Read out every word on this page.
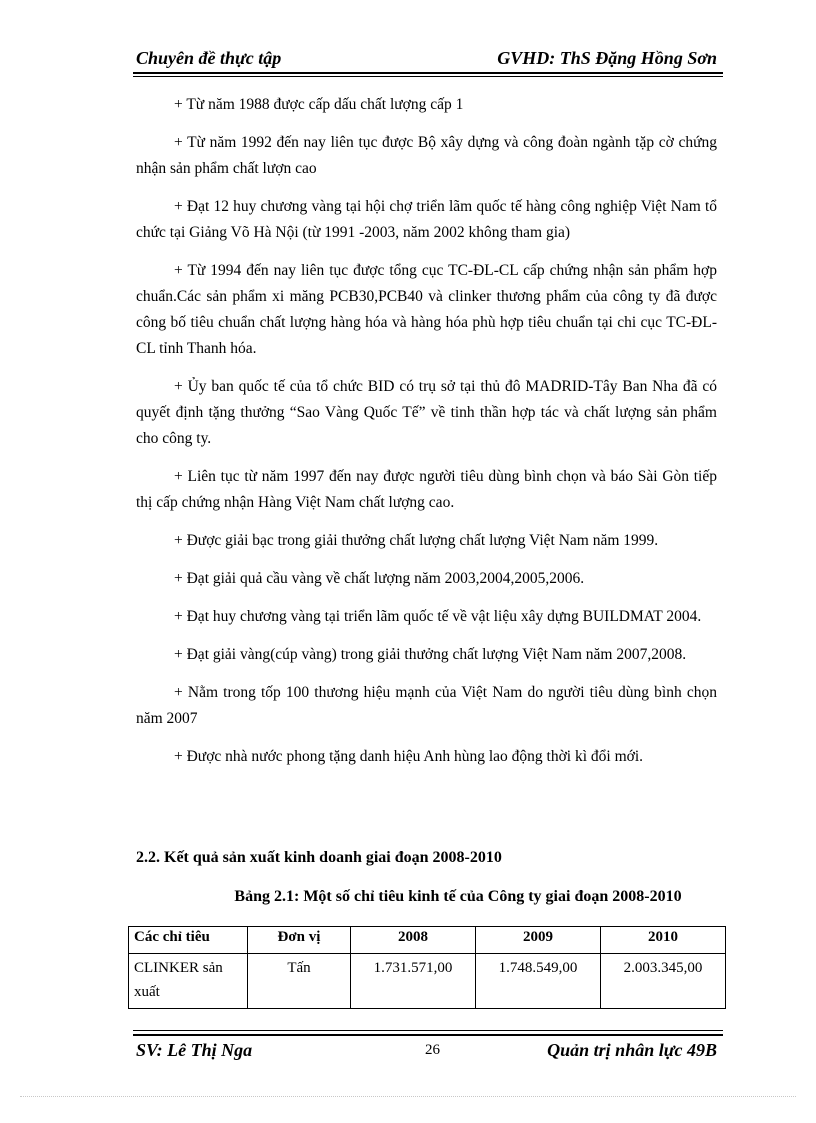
Chuyên đề thực tập	GVHD: ThS Đặng Hồng Sơn

+ Từ năm 1988 được cấp dấu chất lượng cấp 1

+ Từ năm 1992 đến nay liên tục được Bộ xây dựng và công đoàn ngành tặp cờ chứng nhận sản phẩm chất lượn cao

+ Đạt 12 huy chương vàng tại hội chợ triển lãm quốc tế hàng công nghiệp Việt Nam tổ chức tại Giảng Võ Hà Nội (từ 1991 -2003, năm 2002 không tham gia)

+ Từ 1994 đến nay liên tục được tổng cục TC-ĐL-CL cấp chứng nhận sản phẩm hợp chuẩn.Các sản phẩm xi măng PCB30,PCB40 và clinker thương phẩm của công ty đã được công bố tiêu chuẩn chất lượng hàng hóa và hàng hóa phù hợp tiêu chuẩn tại chi cục TC-ĐL-CL tỉnh Thanh hóa.

+ Ủy ban quốc tế của tổ chức BID có trụ sở tại thủ đô MADRID-Tây Ban Nha đã có quyết định tặng thưởng “Sao Vàng Quốc Tế” về tinh thần hợp tác và chất lượng sản phẩm cho công ty.

+ Liên tục từ năm 1997 đến nay được người tiêu dùng bình chọn và báo Sài Gòn tiếp thị cấp chứng nhận Hàng Việt Nam chất lượng cao.

+ Được giải bạc trong giải thưởng chất lượng chất lượng Việt Nam năm 1999.

+ Đạt giải quả cầu vàng về chất lượng năm 2003,2004,2005,2006.

+ Đạt huy chương vàng tại triển lãm quốc tế về vật liệu xây dựng BUILDMAT 2004.

+ Đạt giải vàng(cúp vàng) trong giải thưởng chất lượng Việt Nam năm 2007,2008.

+ Nằm trong tốp 100 thương hiệu mạnh của Việt Nam do người tiêu dùng bình chọn năm 2007

+ Được nhà nước phong tặng danh hiệu Anh hùng lao động thời kì đổi mới.

2.2. Kết quả sản xuất kinh doanh giai đoạn 2008-2010
Bảng 2.1: Một số chỉ tiêu kinh tế của Công ty giai đoạn 2008-2010
Các chỉ tiêu	Đơn vị	2008	2009	2010
CLINKER sản xuất	Tấn	1.731.571,00	1.748.549,00	2.003.345,00
SV: Lê Thị Nga	26	Quản trị nhân lực 49B
